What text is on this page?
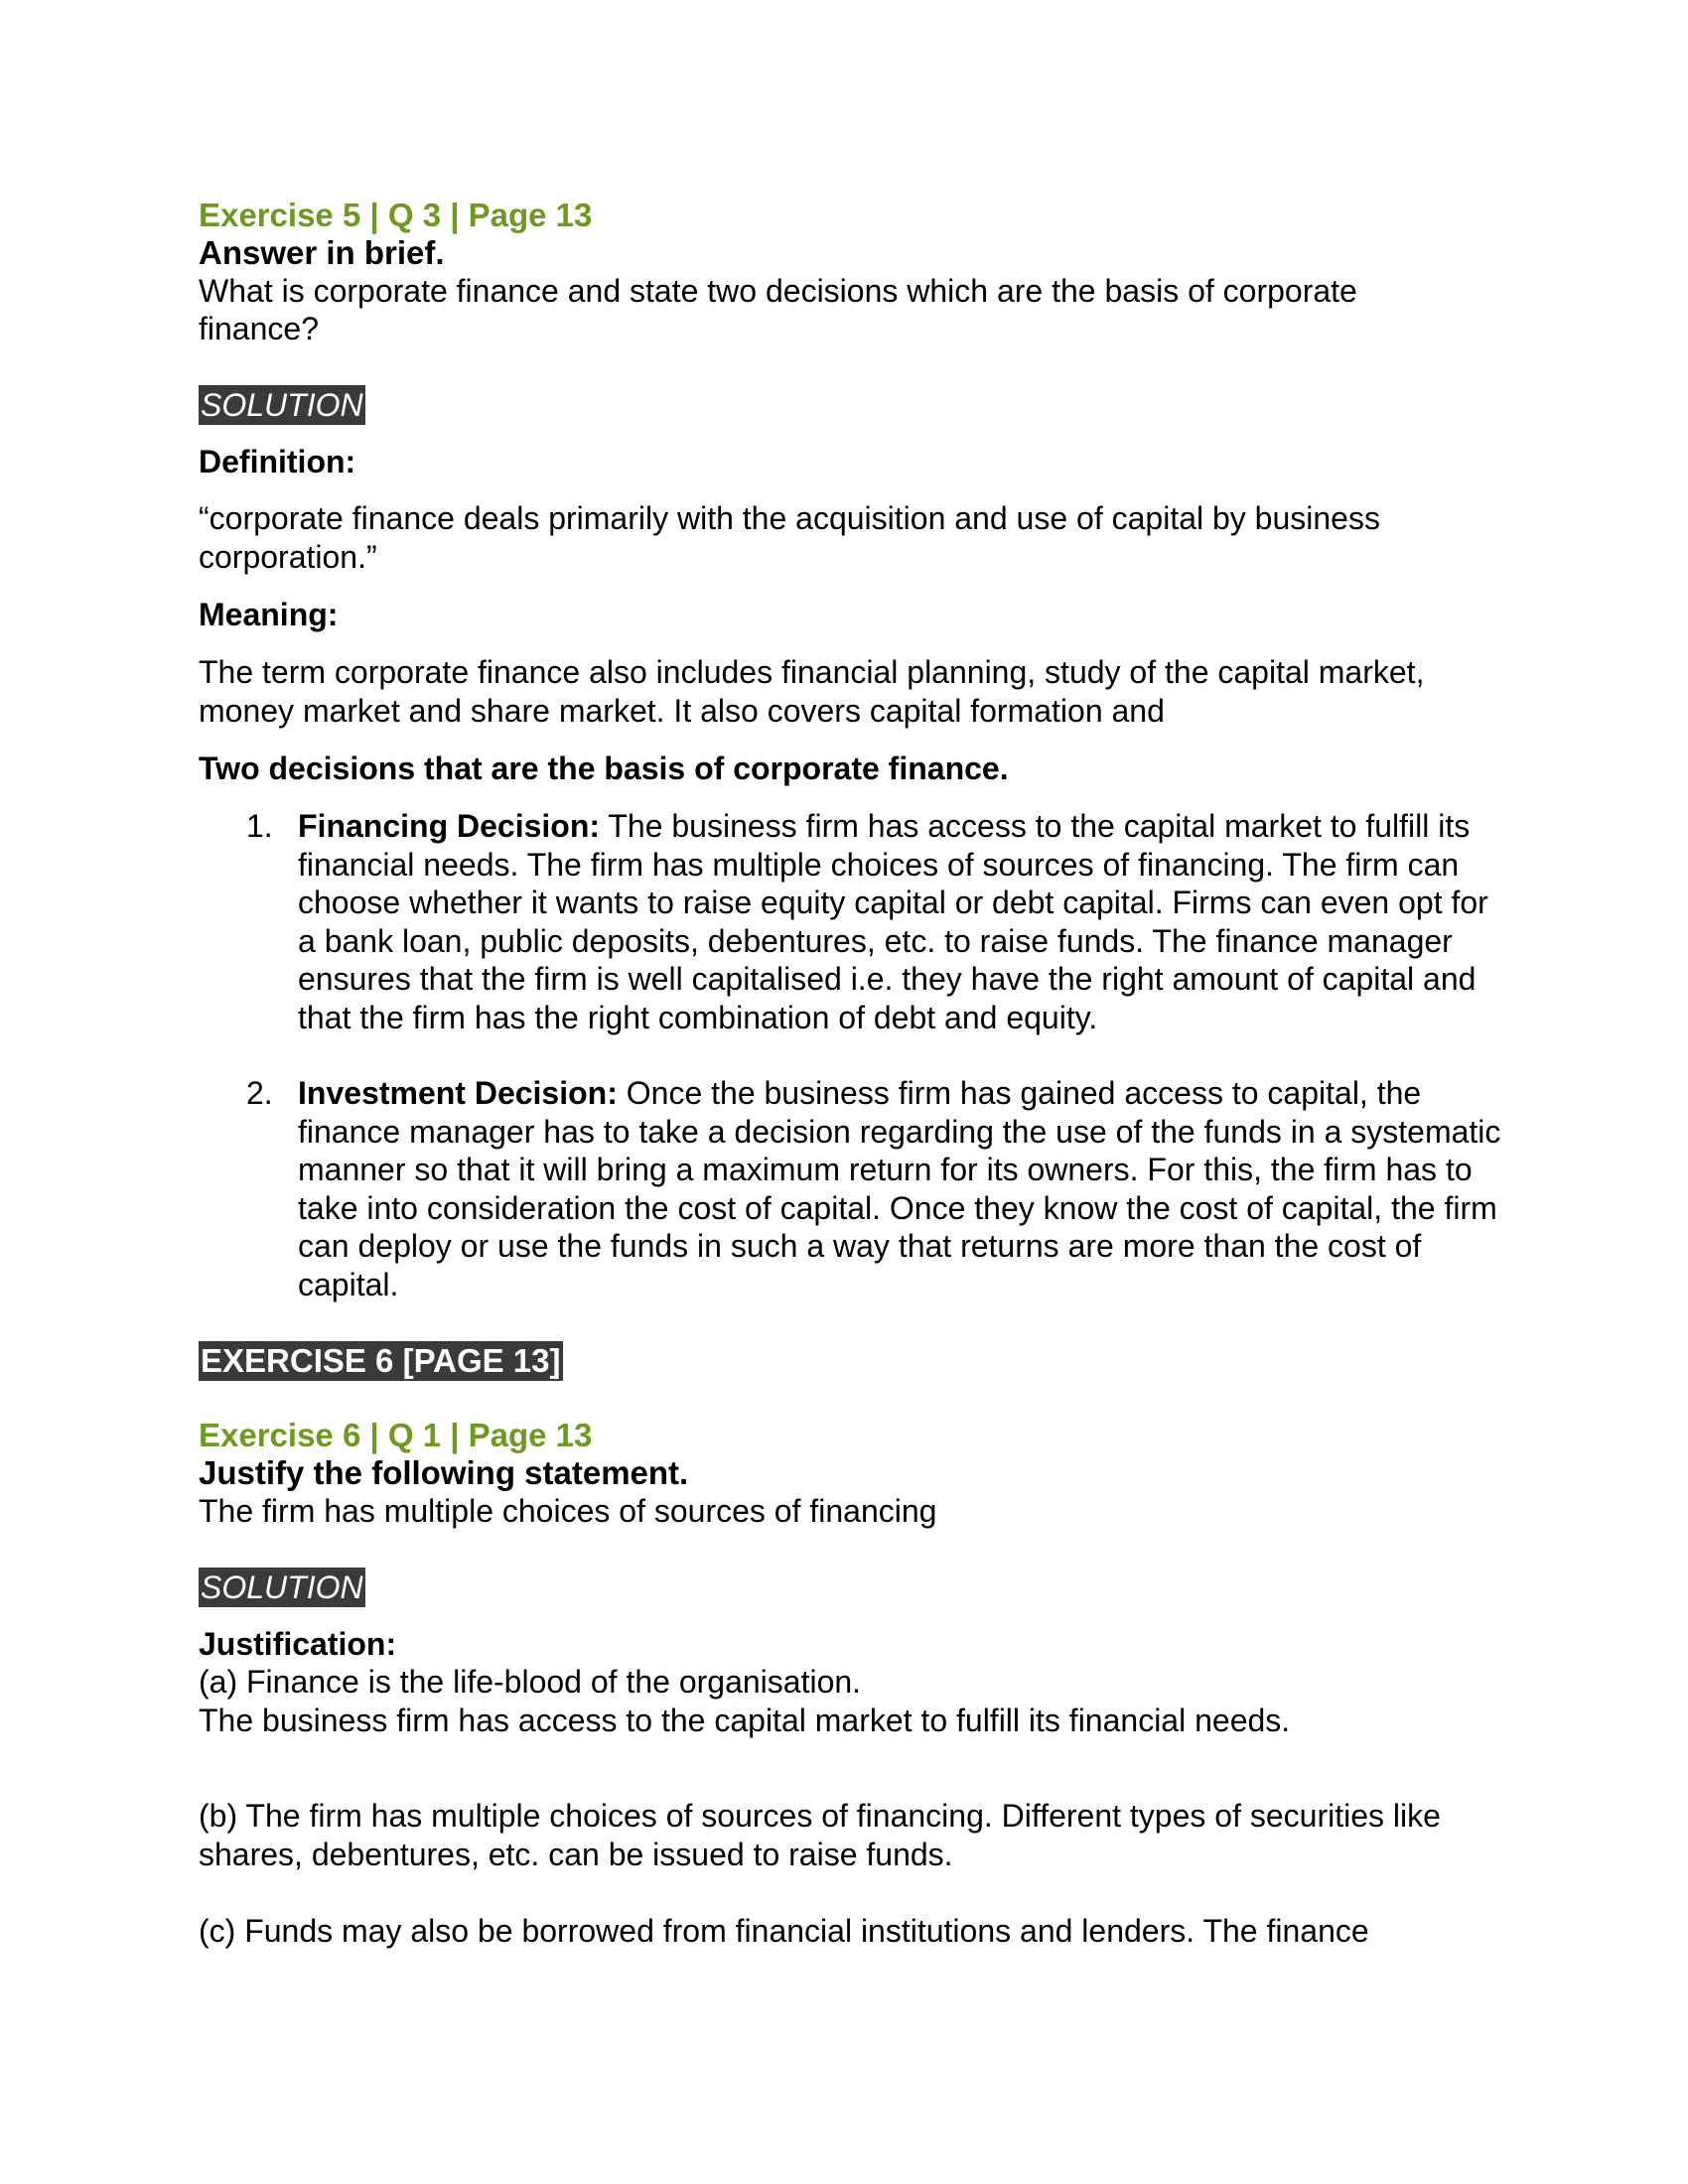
Exercise 5 | Q 3 | Page 13

Answer in brief.

What is corporate finance and state two decisions which are the basis of corporate finance?

SOLUTION

Definition:

“corporate finance deals primarily with the acquisition and use of capital by business corporation.”

Meaning:

The term corporate finance also includes financial planning, study of the capital market, money market and share market. It also covers capital formation and

Two decisions that are the basis of corporate finance.

1. Financing Decision: The business firm has access to the capital market to fulfill its financial needs. The firm has multiple choices of sources of financing. The firm can choose whether it wants to raise equity capital or debt capital. Firms can even opt for a bank loan, public deposits, debentures, etc. to raise funds. The finance manager ensures that the firm is well capitalised i.e. they have the right amount of capital and that the firm has the right combination of debt and equity.
2. Investment Decision: Once the business firm has gained access to capital, the finance manager has to take a decision regarding the use of the funds in a systematic manner so that it will bring a maximum return for its owners. For this, the firm has to take into consideration the cost of capital. Once they know the cost of capital, the firm can deploy or use the funds in such a way that returns are more than the cost of capital.
EXERCISE 6 [PAGE 13]

Exercise 6 | Q 1 | Page 13

Justify the following statement.

The firm has multiple choices of sources of financing

SOLUTION

Justification:

(a) Finance is the life-blood of the organisation.

The business firm has access to the capital market to fulfill its financial needs.

(b) The firm has multiple choices of sources of financing. Different types of securities like shares, debentures, etc. can be issued to raise funds.

(c) Funds may also be borrowed from financial institutions and lenders. The finance
